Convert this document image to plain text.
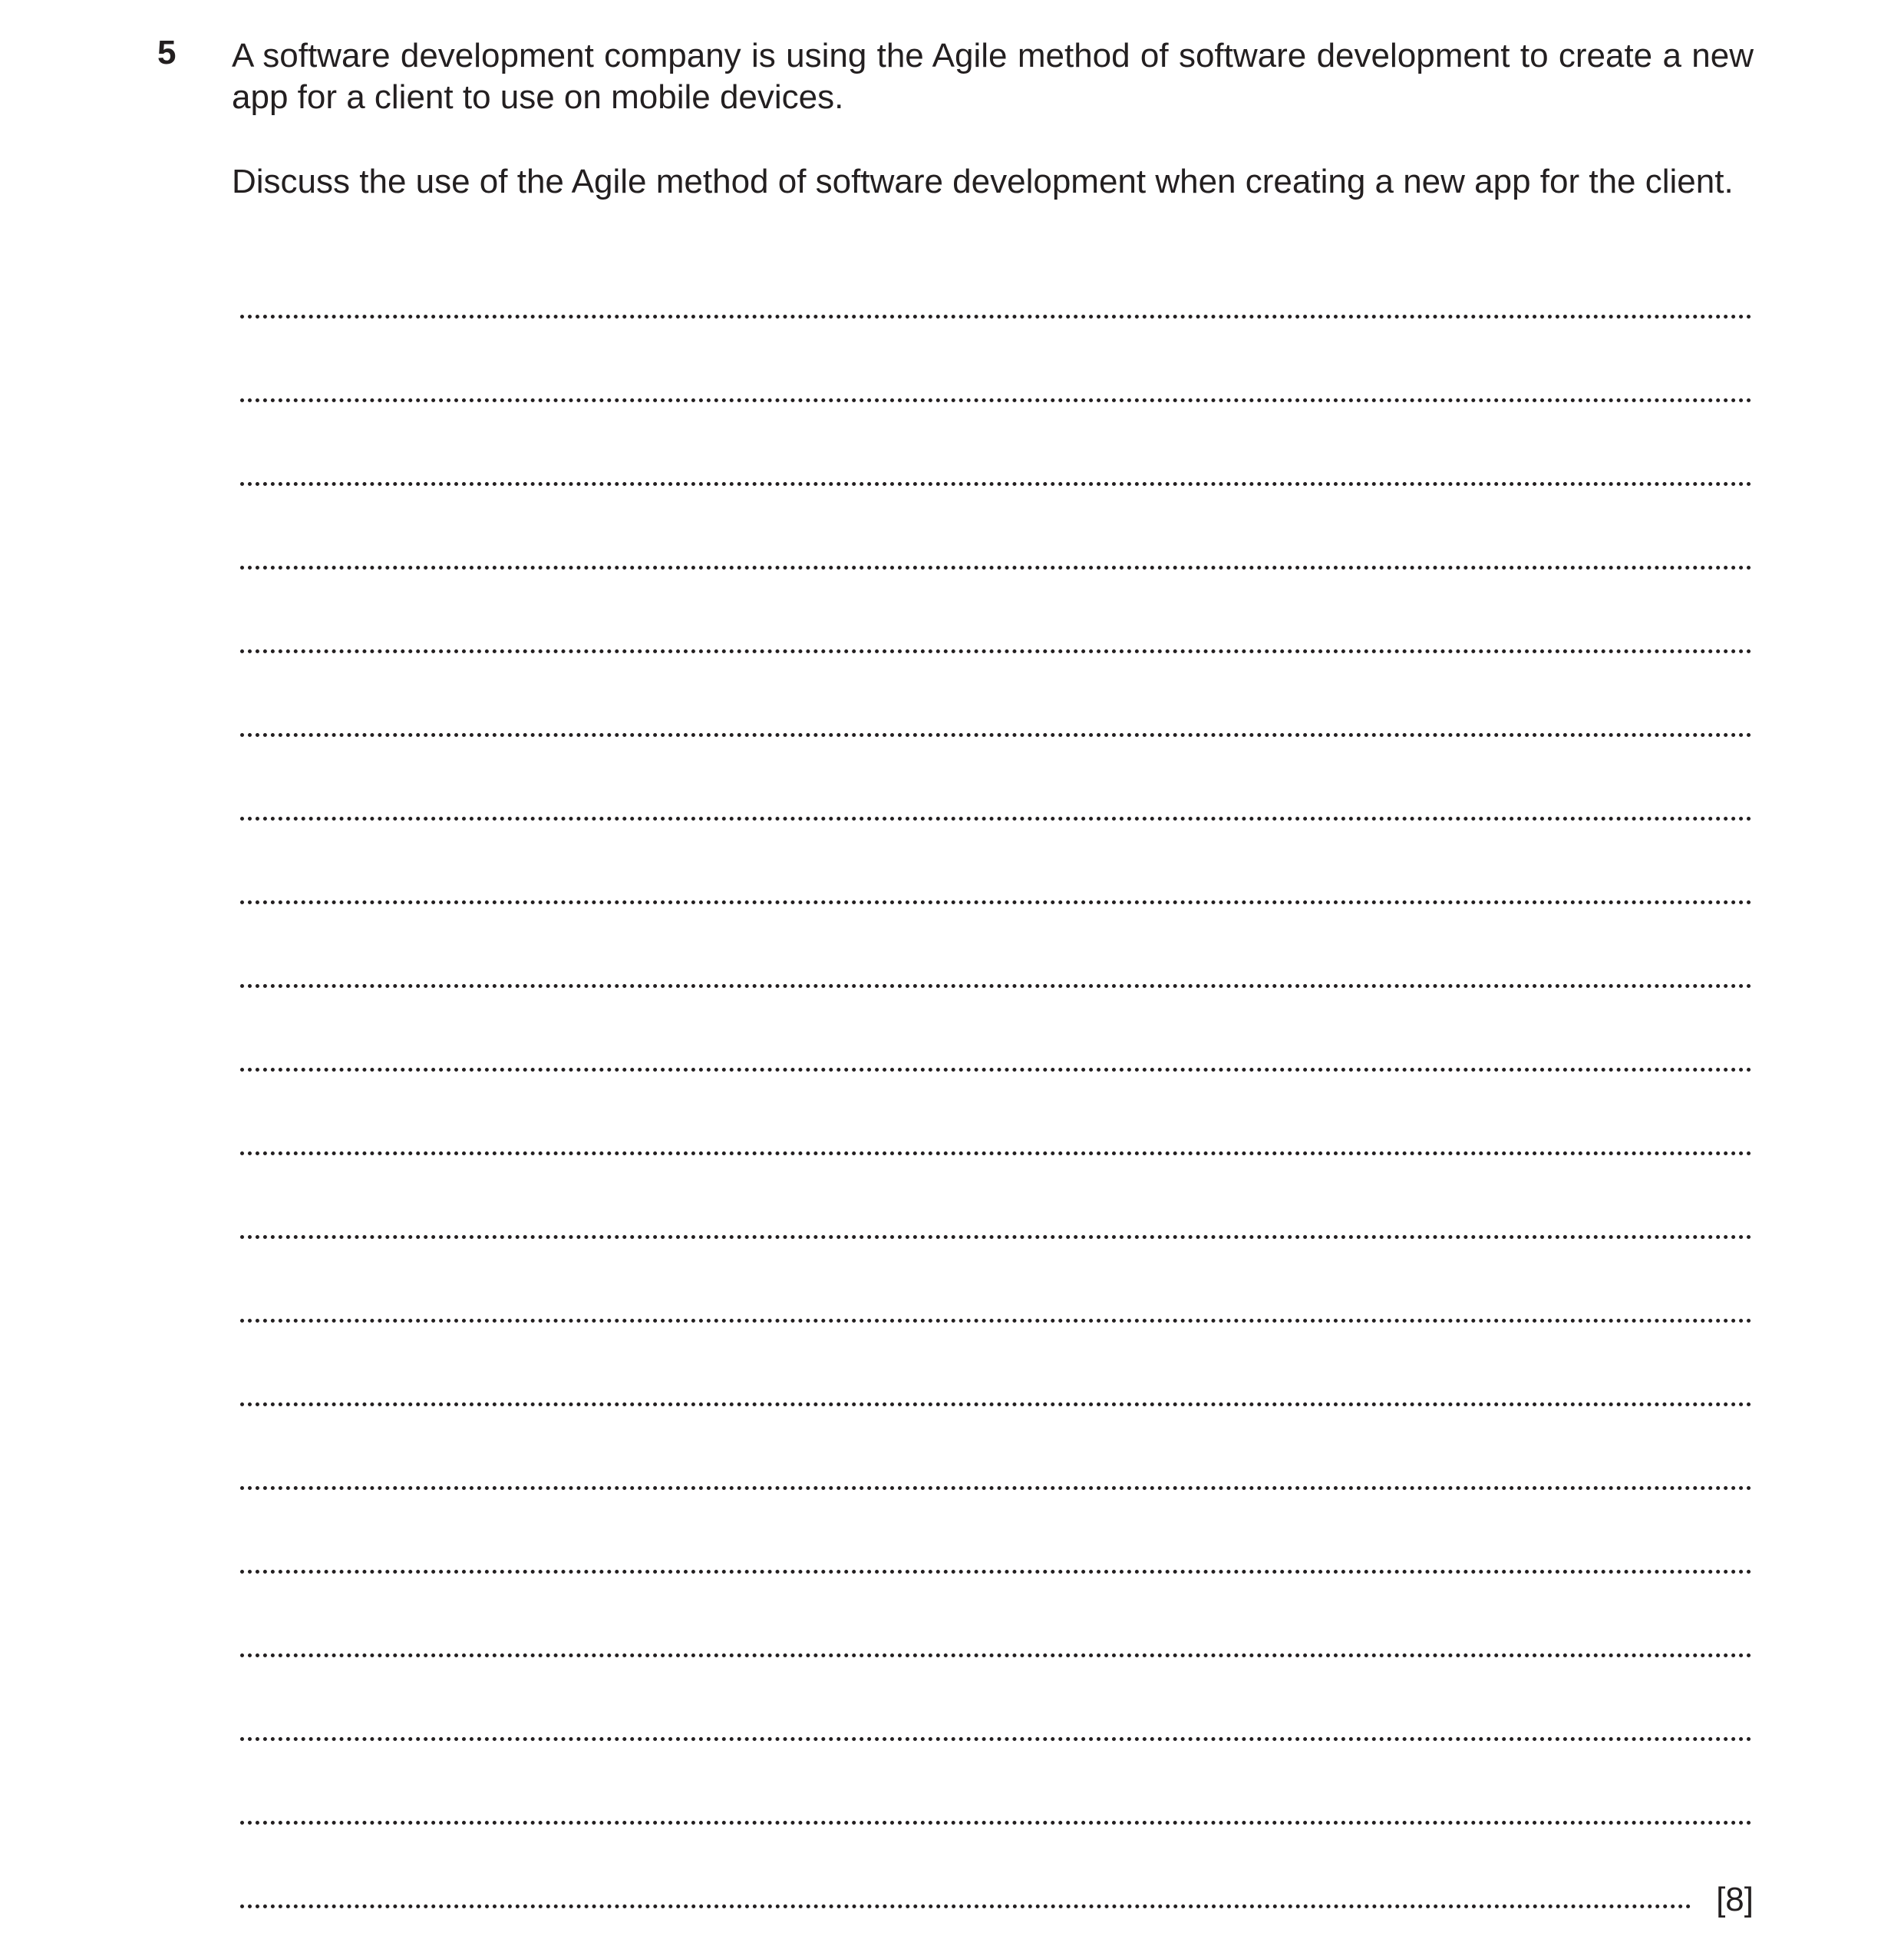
5 A software development company is using the Agile method of software development to create a new app for a client to use on mobile devices.

Discuss the use of the Agile method of software development when creating a new app for the client.

[8]
